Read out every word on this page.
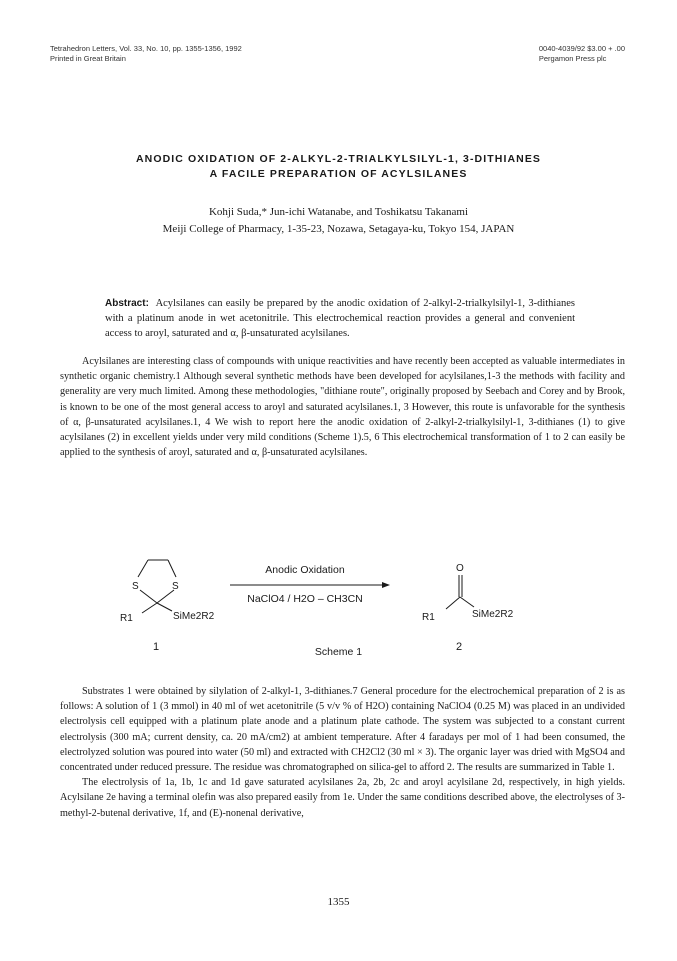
Tetrahedron Letters, Vol. 33, No. 10, pp. 1355-1356, 1992
Printed in Great Britain
0040-4039/92 $3.00 + .00
Pergamon Press plc
ANODIC OXIDATION OF 2-ALKYL-2-TRIALKYLSILYL-1, 3-DITHIANES
A FACILE PREPARATION OF ACYLSILANES
Kohji Suda,* Jun-ichi Watanabe, and Toshikatsu Takanami
Meiji College of Pharmacy, 1-35-23, Nozawa, Setagaya-ku, Tokyo 154, JAPAN
Abstract: Acylsilanes can easily be prepared by the anodic oxidation of 2-alkyl-2-trialkylsilyl-1, 3-dithianes with a platinum anode in wet acetonitrile. This electrochemical reaction provides a general and convenient access to aroyl, saturated and α, β-unsaturated acylsilanes.

Acylsilanes are interesting class of compounds with unique reactivities and have recently been accepted as valuable intermediates in synthetic organic chemistry.1 Although several synthetic methods have been developed for acylsilanes,1-3 the methods with facility and generality are very much limited. Among these methodologies, "dithiane route", originally proposed by Seebach and Corey and by Brook, is known to be one of the most general access to aroyl and saturated acylsilanes.1, 3 However, this route is unfavorable for the synthesis of α, β-unsaturated acylsilanes.1, 4 We wish to report here the anodic oxidation of 2-alkyl-2-trialkylsilyl-1, 3-dithianes (1) to give acylsilanes (2) in excellent yields under very mild conditions (Scheme 1).5, 6 This electrochemical transformation of 1 to 2 can easily be applied to the synthesis of aroyl, saturated and α, β-unsaturated acylsilanes.

S	S
R1	SiMe2R2
1
Anodic Oxidation
NaClO4 / H2O – CH3CN
O
R1	SiMe2R2
2
Scheme 1

Substrates 1 were obtained by silylation of 2-alkyl-1, 3-dithianes.7 General procedure for the electrochemical preparation of 2 is as follows: A solution of 1 (3 mmol) in 40 ml of wet acetonitrile (5 v/v % of H2O) containing NaClO4 (0.25 M) was placed in an undivided electrolysis cell equipped with a platinum plate anode and a platinum plate cathode. The system was subjected to a constant current electrolysis (300 mA; current density, ca. 20 mA/cm2) at ambient temperature. After 4 faradays per mol of 1 had been consumed, the electrolyzed solution was poured into water (50 ml) and extracted with CH2Cl2 (30 ml × 3). The organic layer was dried with MgSO4 and concentrated under reduced pressure. The residue was chromatographed on silica-gel to afford 2. The results are summarized in Table 1.

The electrolysis of 1a, 1b, 1c and 1d gave saturated acylsilanes 2a, 2b, 2c and aroyl acylsilane 2d, respectively, in high yields. Acylsilane 2e having a terminal olefin was also prepared easily from 1e. Under the same conditions described above, the electrolyses of 3-methyl-2-butenal derivative, 1f, and (E)-nonenal derivative,

1355
